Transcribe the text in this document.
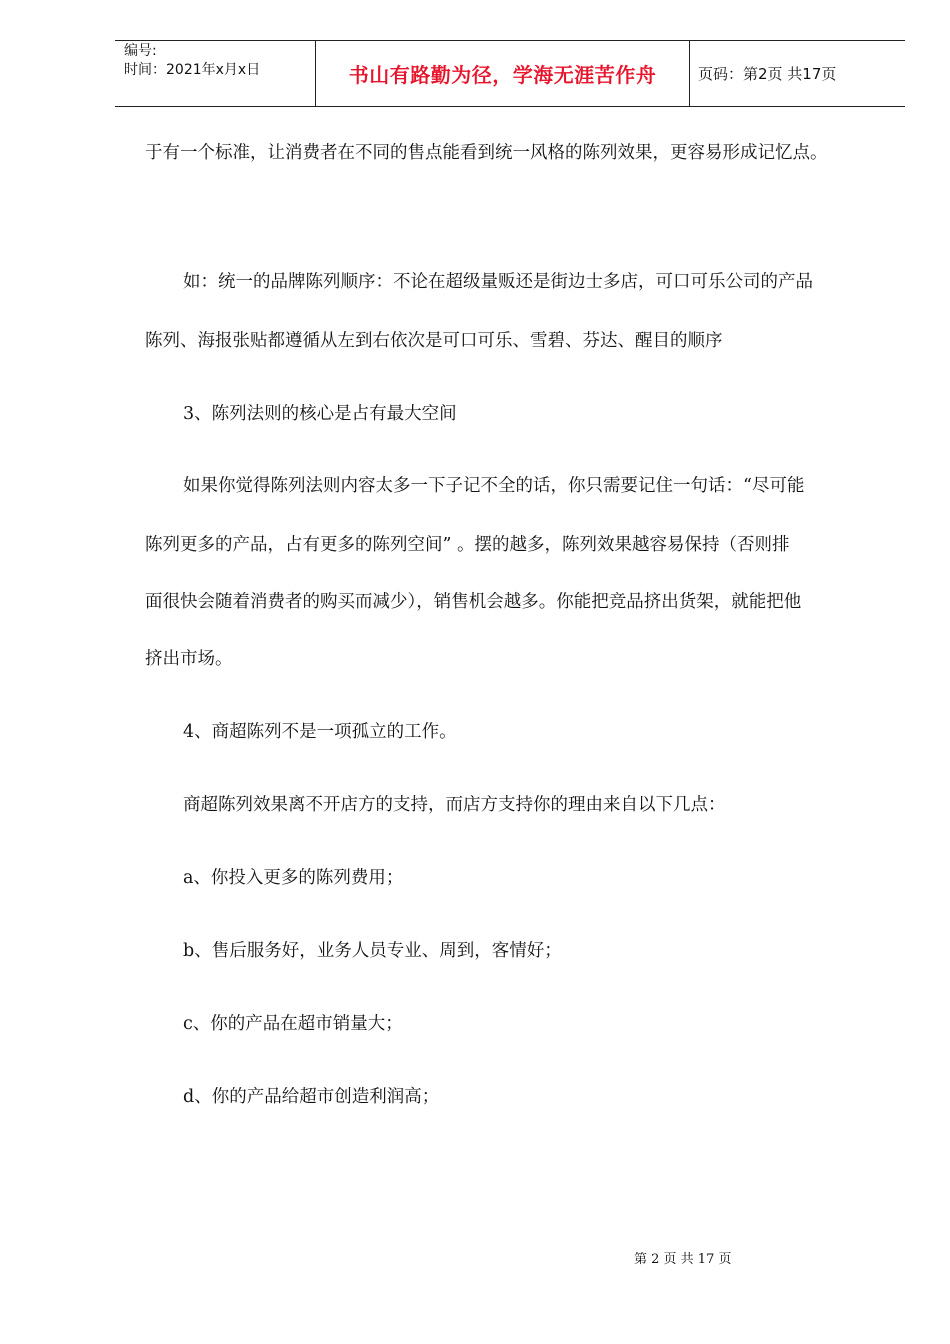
编号:
时间：2021年x月x日	书山有路勤为径，学海无涯苦作舟	页码：第2页 共17页

于有一个标准，让消费者在不同的售点能看到统一风格的陈列效果，更容易形成记忆点。

如：统一的品牌陈列顺序：不论在超级量贩还是街边士多店，可口可乐公司的产品

陈列、海报张贴都遵循从左到右依次是可口可乐、雪碧、芬达、醒目的顺序

3、陈列法则的核心是占有最大空间

如果你觉得陈列法则内容太多一下子记不全的话，你只需要记住一句话：“尽可能

陈列更多的产品，占有更多的陈列空间” 。摆的越多，陈列效果越容易保持（否则排

面很快会随着消费者的购买而减少），销售机会越多。你能把竞品挤出货架，就能把他

挤出市场。

4、商超陈列不是一项孤立的工作。

商超陈列效果离不开店方的支持，而店方支持你的理由来自以下几点：

a、你投入更多的陈列费用；

b、售后服务好，业务人员专业、周到，客情好；

c、你的产品在超市销量大；

d、你的产品给超市创造利润高；

第 2 页 共 17 页
